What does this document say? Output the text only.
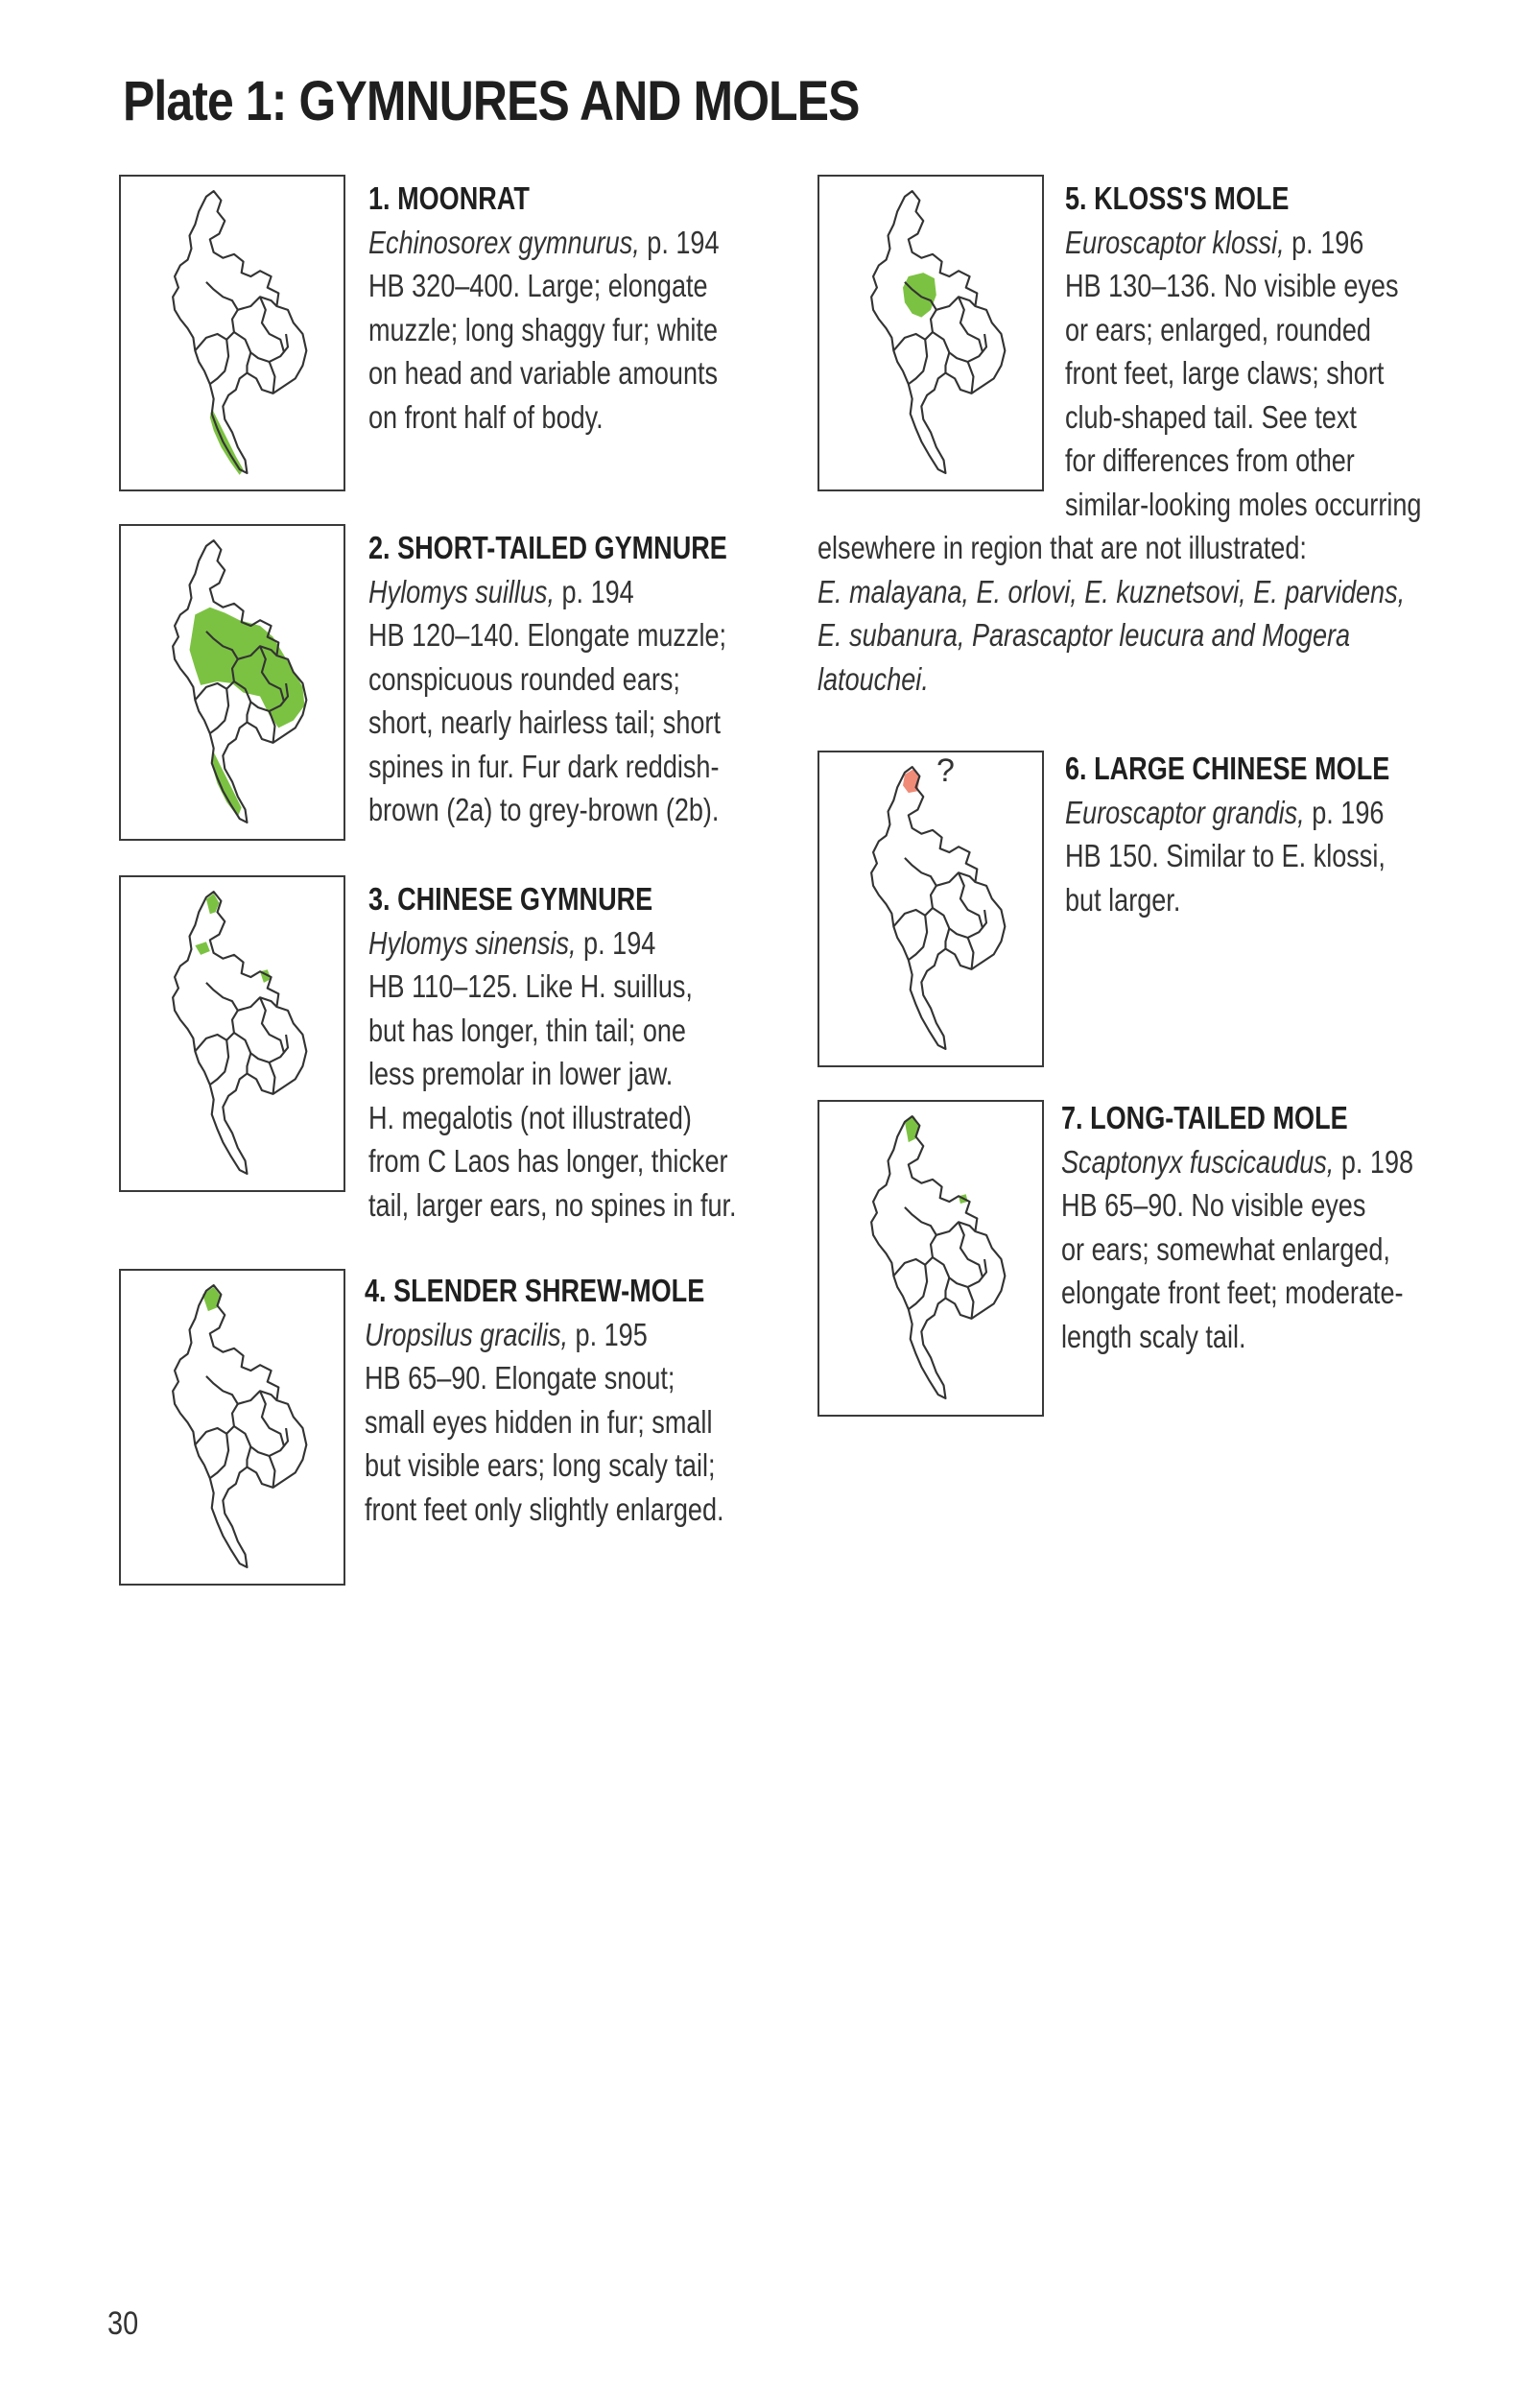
Plate 1: GYMNURES AND MOLES
?
1. MOONRAT
Echinosorex gymnurus, p. 194
HB 320–400. Large; elongate
muzzle; long shaggy fur; white
on head and variable amounts
on front half of body.
2. SHORT-TAILED GYMNURE
Hylomys suillus, p. 194
HB 120–140. Elongate muzzle;
conspicuous rounded ears;
short, nearly hairless tail; short
spines in fur. Fur dark reddish-
brown (2a) to grey-brown (2b).
3. CHINESE GYMNURE
Hylomys sinensis, p. 194
HB 110–125. Like H. suillus,
but has longer, thin tail; one
less premolar in lower jaw.
H. megalotis (not illustrated)
from C Laos has longer, thicker
tail, larger ears, no spines in fur.
4. SLENDER SHREW-MOLE
Uropsilus gracilis, p. 195
HB 65–90. Elongate snout;
small eyes hidden in fur; small
but visible ears; long scaly tail;
front feet only slightly enlarged.
5. KLOSS'S MOLE
Euroscaptor klossi, p. 196
HB 130–136. No visible eyes
or ears; enlarged, rounded
front feet, large claws; short
club-shaped tail. See text
for differences from other
similar-looking moles occurring
elsewhere in region that are not illustrated:
E. malayana, E. orlovi, E. kuznetsovi, E. parvidens,
E. subanura, Parascaptor leucura and Mogera
latouchei.
6. LARGE CHINESE MOLE
Euroscaptor grandis, p. 196
HB 150. Similar to E. klossi,
but larger.
7. LONG-TAILED MOLE
Scaptonyx fuscicaudus, p. 198
HB 65–90. No visible eyes
or ears; somewhat enlarged,
elongate front feet; moderate-
length scaly tail.
30
